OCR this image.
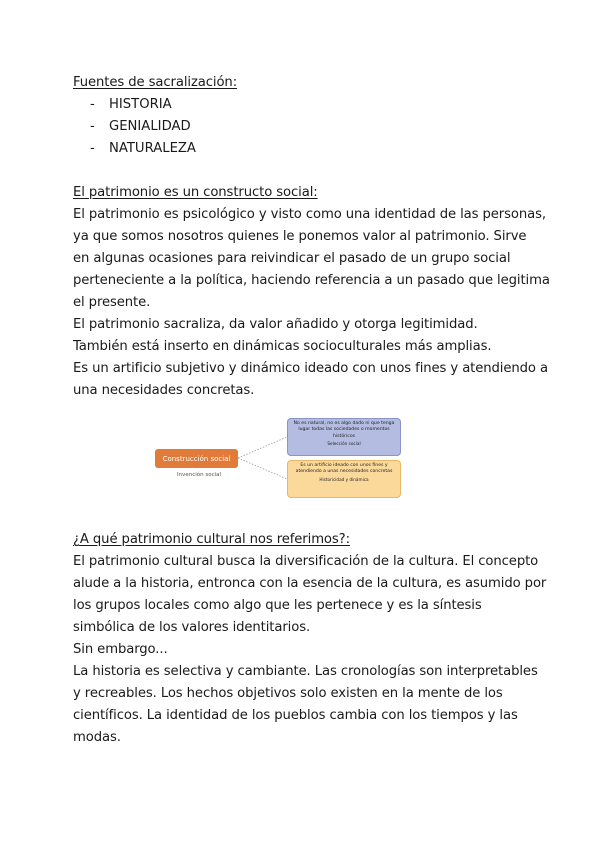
Fuentes de sacralización:
- HISTORIA
- GENIALIDAD
- NATURALEZA
El patrimonio es un constructo social:
El patrimonio es psicológico y visto como una identidad de las personas,
ya que somos nosotros quienes le ponemos valor al patrimonio. Sirve
en algunas ocasiones para reivindicar el pasado de un grupo social
perteneciente a la política, haciendo referencia a un pasado que legitima
el presente.
El patrimonio sacraliza, da valor añadido y otorga legitimidad.
También está inserto en dinámicas socioculturales más amplias.
Es un artificio subjetivo y dinámico ideado con unos fines y atendiendo a
una necesidades concretas.
Construcción social
Invención social
No es natural, no es algo dado ni que tenga lugar todas las sociedades o momentos históricos
Selección social
Es un artificio ideado con unos fines y atendiendo a unas necesidades concretas
Historicidad y dinámica
¿A qué patrimonio cultural nos referimos?:
El patrimonio cultural busca la diversificación de la cultura. El concepto
alude a la historia, entronca con la esencia de la cultura, es asumido por
los grupos locales como algo que les pertenece y es la síntesis
simbólica de los valores identitarios.
Sin embargo...
La historia es selectiva y cambiante. Las cronologías son interpretables
y recreables. Los hechos objetivos solo existen en la mente de los
científicos. La identidad de los pueblos cambia con los tiempos y las
modas.
